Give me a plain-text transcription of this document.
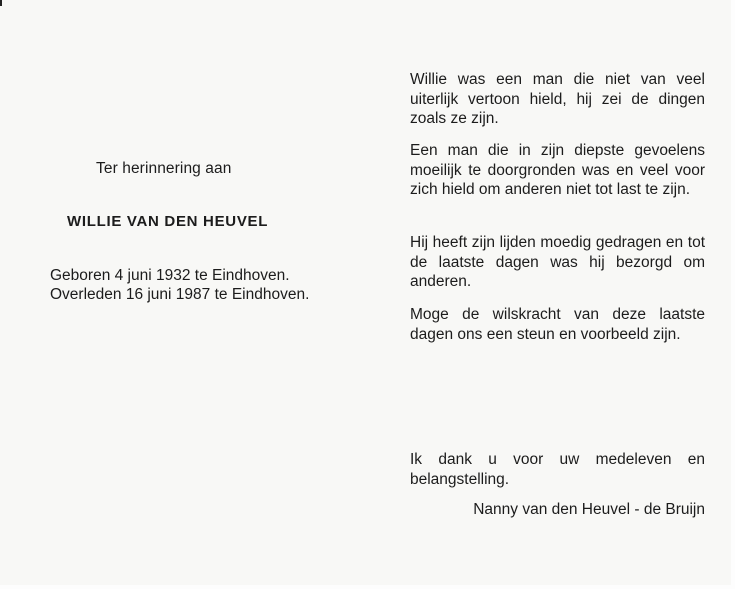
Ter herinnering aan
WILLIE VAN DEN HEUVEL
Geboren 4 juni 1932 te Eindhoven.
Overleden 16 juni 1987 te Eindhoven.

Willie was een man die niet van veel uiterlijk vertoon hield, hij zei de dingen zoals ze zijn.

Een man die in zijn diepste gevoelens moeilijk te doorgronden was en veel voor zich hield om anderen niet tot last te zijn.

Hij heeft zijn lijden moedig gedragen en tot de laatste dagen was hij bezorgd om anderen.

Moge de wilskracht van deze laatste dagen ons een steun en voorbeeld zijn.

Ik dank u voor uw medeleven en belangstelling.

Nanny van den Heuvel - de Bruijn
